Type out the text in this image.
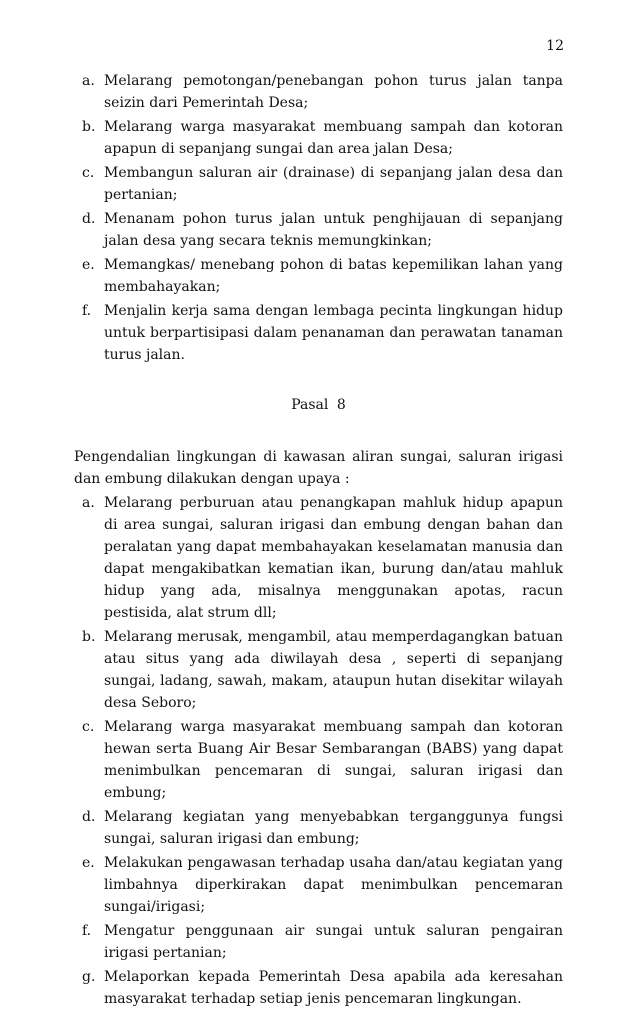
12
a. Melarang pemotongan/penebangan pohon turus jalan tanpa seizin dari Pemerintah Desa;
b. Melarang warga masyarakat membuang sampah dan kotoran apapun di sepanjang sungai dan area jalan Desa;
c. Membangun saluran air (drainase) di sepanjang jalan desa dan pertanian;
d. Menanam pohon turus jalan untuk penghijauan di sepanjang jalan desa yang secara teknis memungkinkan;
e. Memangkas/ menebang pohon di batas kepemilikan lahan yang membahayakan;
f. Menjalin kerja sama dengan lembaga pecinta lingkungan hidup untuk berpartisipasi dalam penanaman dan perawatan tanaman turus jalan.
Pasal 8

Pengendalian lingkungan di kawasan aliran sungai, saluran irigasi dan embung dilakukan dengan upaya :

a. Melarang perburuan atau penangkapan mahluk hidup apapun di area sungai, saluran irigasi dan embung dengan bahan dan peralatan yang dapat membahayakan keselamatan manusia dan dapat mengakibatkan kematian ikan, burung dan/atau mahluk hidup yang ada, misalnya menggunakan apotas, racun pestisida, alat strum dll;
b. Melarang merusak, mengambil, atau memperdagangkan batuan atau situs yang ada diwilayah desa , seperti di sepanjang sungai, ladang, sawah, makam, ataupun hutan disekitar wilayah desa Seboro;
c. Melarang warga masyarakat membuang sampah dan kotoran hewan serta Buang Air Besar Sembarangan (BABS) yang dapat menimbulkan pencemaran di sungai, saluran irigasi dan embung;
d. Melarang kegiatan yang menyebabkan terganggunya fungsi sungai, saluran irigasi dan embung;
e. Melakukan pengawasan terhadap usaha dan/atau kegiatan yang limbahnya diperkirakan dapat menimbulkan pencemaran sungai/irigasi;
f. Mengatur penggunaan air sungai untuk saluran pengairan irigasi pertanian;
g. Melaporkan kepada Pemerintah Desa apabila ada keresahan masyarakat terhadap setiap jenis pencemaran lingkungan.
